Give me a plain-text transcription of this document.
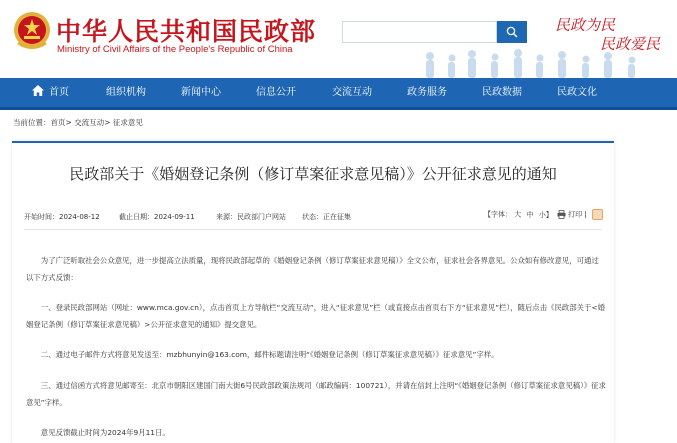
中华人民共和国民政部
Ministry of Civil Affairs of the People's Republic of China
民政为民
民政爱民
首页	组织机构	新闻中心	信息公开	交流互动	政务服务	民政数据	民政文化
当前位置：首页> 交流互动> 征求意见
民政部关于《婚姻登记条例（修订草案征求意见稿）》公开征求意见的通知
开始时间：2024-08-12	截止日期：2024-09-11	来源：民政部门户网站 状态：正在征集	【字体： 大 中 小】 打印 |
为了广泛听取社会公众意见，进一步提高立法质量，现将民政部起草的《婚姻登记条例（修订草案征求意见稿）》全文公布，征求社会各界意见。公众如有修改意见，可通过以下方式反馈：
一、登录民政部网站（网址：www.mca.gov.cn），点击首页上方导航栏“交流互动”，进入“征求意见”栏（或直接点击首页右下方“征求意见”栏），随后点击《民政部关于<婚姻登记条例（修订草案征求意见稿）>公开征求意见的通知》提交意见。
二、通过电子邮件方式将意见发送至：mzbhunyin@163.com，邮件标题请注明“《婚姻登记条例（修订草案征求意见稿）》征求意见”字样。
三、通过信函方式将意见邮寄至：北京市朝阳区建国门南大街6号民政部政策法规司（邮政编码：100721），并请在信封上注明“《婚姻登记条例（修订草案征求意见稿）》征求意见”字样。
意见反馈截止时间为2024年9月11日。
